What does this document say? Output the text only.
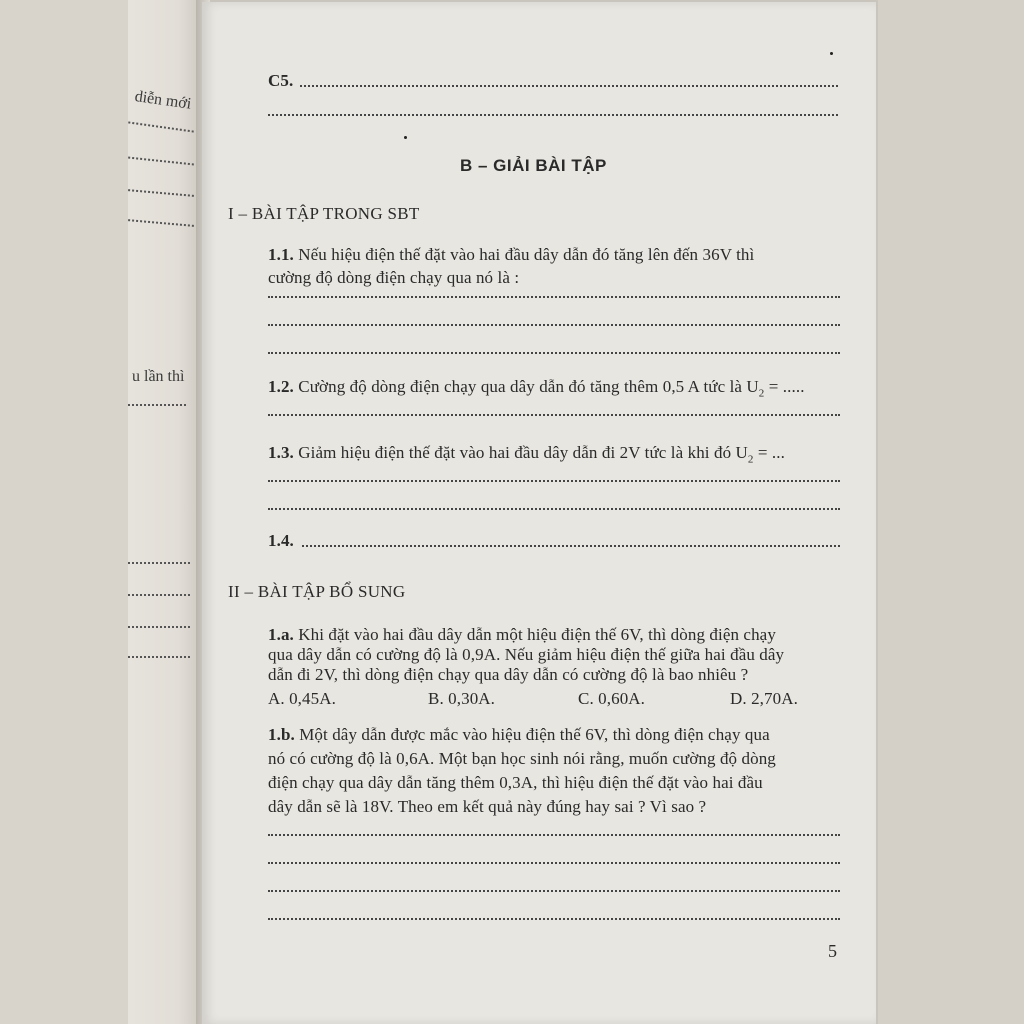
diễn mới
u lần thì
C5.
B – GIẢI BÀI TẬP
I – BÀI TẬP TRONG SBT
1.1. Nếu hiệu điện thế đặt vào hai đầu dây dẫn đó tăng lên đến 36V thì
cường độ dòng điện chạy qua nó là :
1.2. Cường độ dòng điện chạy qua dây dẫn đó tăng thêm 0,5 A tức là $U_2$ = .....
1.3. Giảm hiệu điện thế đặt vào hai đầu dây dẫn đi 2V tức là khi đó $U_2$ = ...
1.4.
II – BÀI TẬP BỔ SUNG
1.a. Khi đặt vào hai đầu dây dẫn một hiệu điện thế 6V, thì dòng điện chạy
qua dây dẫn có cường độ là 0,9A. Nếu giảm hiệu điện thế giữa hai đầu dây
dẫn đi 2V, thì dòng điện chạy qua dây dẫn có cường độ là bao nhiêu ?
A. 0,45A.	B. 0,30A.	C. 0,60A.	D. 2,70A.
1.b. Một dây dẫn được mắc vào hiệu điện thế 6V, thì dòng điện chạy qua
nó có cường độ là 0,6A. Một bạn học sinh nói rằng, muốn cường độ dòng
điện chạy qua dây dẫn tăng thêm 0,3A, thì hiệu điện thế đặt vào hai đầu
dây dẫn sẽ là 18V. Theo em kết quả này đúng hay sai ? Vì sao ?
5
